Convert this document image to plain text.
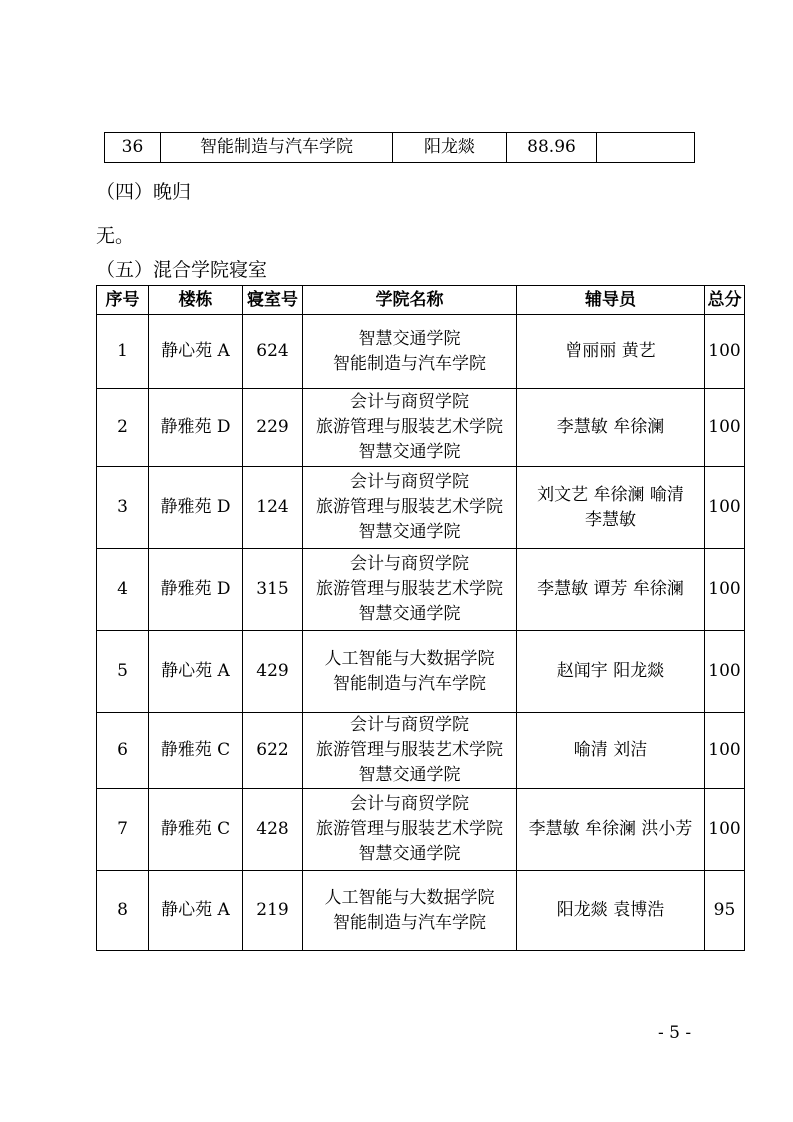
36	智能制造与汽车学院	阳龙燚	88.96	
（四）晚归
无。
（五）混合学院寝室
序号	楼栋	寝室号	学院名称	辅导员	总分
1	静心苑 A	624	智慧交通学院
智能制造与汽车学院	曾丽丽 黄艺	100
2	静雅苑 D	229	会计与商贸学院
旅游管理与服装艺术学院
智慧交通学院	李慧敏 牟徐澜	100
3	静雅苑 D	124	会计与商贸学院
旅游管理与服装艺术学院
智慧交通学院	刘文艺 牟徐澜 喻清
李慧敏	100
4	静雅苑 D	315	会计与商贸学院
旅游管理与服装艺术学院
智慧交通学院	李慧敏 谭芳 牟徐澜	100
5	静心苑 A	429	人工智能与大数据学院
智能制造与汽车学院	赵闻宇 阳龙燚	100
6	静雅苑 C	622	会计与商贸学院
旅游管理与服装艺术学院
智慧交通学院	喻清 刘洁	100
7	静雅苑 C	428	会计与商贸学院
旅游管理与服装艺术学院
智慧交通学院	李慧敏 牟徐澜 洪小芳	100
8	静心苑 A	219	人工智能与大数据学院
智能制造与汽车学院	阳龙燚 袁博浩	95
- 5 -
